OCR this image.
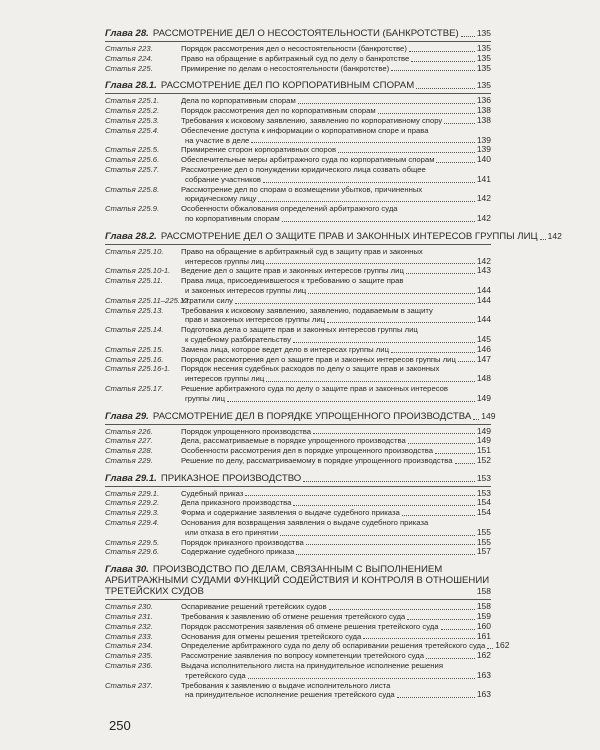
Глава 28. РАССМОТРЕНИЕ ДЕЛ О НЕСОСТОЯТЕЛЬНОСТИ (БАНКРОТСТВЕ) 135
Статья 223.	Порядок рассмотрения дел о несостоятельности (банкротстве)	135
Статья 224.	Право на обращение в арбитражный суд по делу о банкротстве	135
Статья 225.	Примирение по делам о несостоятельности (банкротстве)	135
Глава 28.1. РАССМОТРЕНИЕ ДЕЛ ПО КОРПОРАТИВНЫМ СПОРАМ	135
Статья 225.1.	Дела по корпоративным спорам	136
Статья 225.2.	Порядок рассмотрения дел по корпоративным спорам	138
Статья 225.3.	Требования к исковому заявлению, заявлению по корпоративному спору	138
Статья 225.4.	Обеспечение доступа к информации о корпоративном споре и права
на участие в деле	139
Статья 225.5.	Примирение сторон корпоративных споров	139
Статья 225.6.	Обеспечительные меры арбитражного суда по корпоративным спорам	140
Статья 225.7.	Рассмотрение дел о понуждении юридического лица созвать общее
собрание участников	141
Статья 225.8.	Рассмотрение дел по спорам о возмещении убытков, причиненных
юридическому лицу	142
Статья 225.9.	Особенности обжалования определений арбитражного суда
по корпоративным спорам	142
Глава 28.2. РАССМОТРЕНИЕ ДЕЛ О ЗАЩИТЕ ПРАВ И ЗАКОННЫХ ИНТЕРЕСОВ ГРУППЫ ЛИЦ 142
Статья 225.10.	Право на обращение в арбитражный суд в защиту прав и законных
интересов группы лиц	142
Статья 225.10-1.	Ведение дел о защите прав и законных интересов группы лиц	143
Статья 225.11.	Права лица, присоединившегося к требованию о защите прав
и законных интересов группы лиц	144
Статья 225.11–225.12.
Утратили силу	144
Статья 225.13.	Требования к исковому заявлению, заявлению, подаваемым в защиту
прав и законных интересов группы лиц	144
Статья 225.14.	Подготовка дела о защите прав и законных интересов группы лиц
к судебному разбирательству	145
Статья 225.15.	Замена лица, которое ведет дело в интересах группы лиц	146
Статья 225.16.	Порядок рассмотрения дел о защите прав и законных интересов группы лиц 147
Статья 225.16-1.	Порядок несения судебных расходов по делу о защите прав и законных
интересов группы лиц	148
Статья 225.17.	Решение арбитражного суда по делу о защите прав и законных интересов
группы лиц	149
Глава 29. РАССМОТРЕНИЕ ДЕЛ В ПОРЯДКЕ УПРОЩЕННОГО ПРОИЗВОДСТВА 149
Статья 226.	Порядок упрощенного производства	149
Статья 227.	Дела, рассматриваемые в порядке упрощенного производства	149
Статья 228.	Особенности рассмотрения дел в порядке упрощенного производства	151
Статья 229.	Решение по делу, рассматриваемому в порядке упрощенного производства	152
Глава 29.1. ПРИКАЗНОЕ ПРОИЗВОДСТВО	153
Статья 229.1.	Судебный приказ	153
Статья 229.2.	Дела приказного производства	154
Статья 229.3.	Форма и содержание заявления о выдаче судебного приказа	154
Статья 229.4.	Основания для возвращения заявления о выдаче судебного приказа
или отказа в его принятии	155
Статья 229.5.	Порядок приказного производства	155
Статья 229.6.	Содержание судебного приказа	157
Глава 30. ПРОИЗВОДСТВО ПО ДЕЛАМ, СВЯЗАННЫМ С ВЫПОЛНЕНИЕМ АРБИТРАЖНЫМИ СУДАМИ ФУНКЦИЙ СОДЕЙСТВИЯ И КОНТРОЛЯ В ОТНОШЕНИИ ТРЕТЕЙСКИХ СУДОВ	158
Статья 230.	Оспаривание решений третейских судов	158
Статья 231.	Требования к заявлению об отмене решения третейского суда	159
Статья 232.	Порядок рассмотрения заявления об отмене решения третейского суда	160
Статья 233.	Основания для отмены решения третейского суда	161
Статья 234.	Определение арбитражного суда по делу об оспаривании решения третейского суда 162
Статья 235.	Рассмотрение заявления по вопросу компетенции третейского суда	162
Статья 236.	Выдача исполнительного листа на принудительное исполнение решения
третейского суда	163
Статья 237.	Требования к заявлению о выдаче исполнительного листа
на принудительное исполнение решения третейского суда	163
250
